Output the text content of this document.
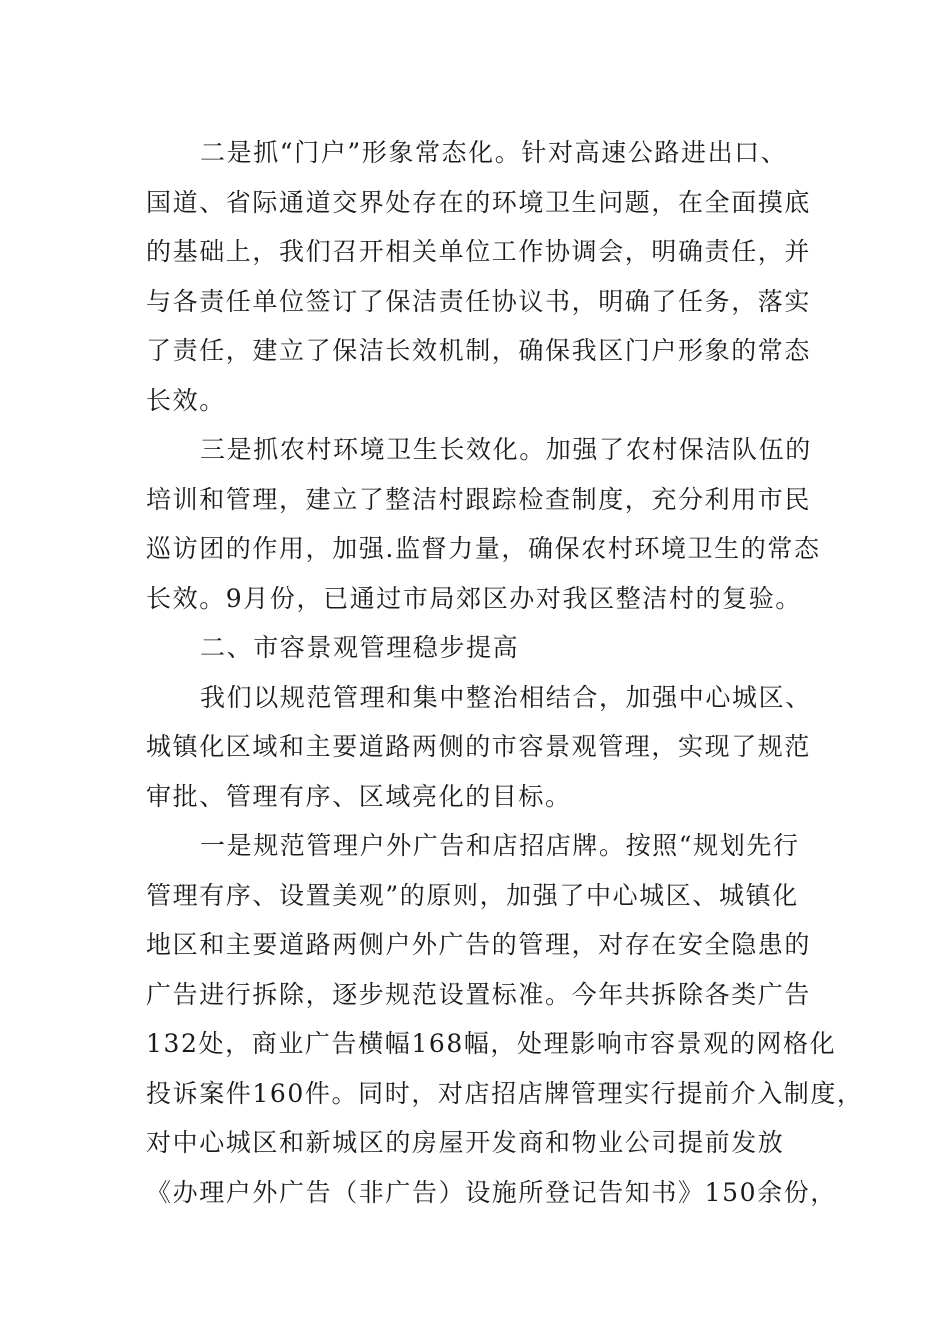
二是抓“门户”形象常态化。针对高速公路进出口、
国道、省际通道交界处存在的环境卫生问题，在全面摸底
的基础上，我们召开相关单位工作协调会，明确责任，并
与各责任单位签订了保洁责任协议书，明确了任务，落实
了责任，建立了保洁长效机制，确保我区门户形象的常态
长效。
三是抓农村环境卫生长效化。加强了农村保洁队伍的
培训和管理，建立了整洁村跟踪检查制度，充分利用市民
巡访团的作用，加强.监督力量，确保农村环境卫生的常态
长效。9月份，已通过市局郊区办对我区整洁村的复验。
二、市容景观管理稳步提高
我们以规范管理和集中整治相结合，加强中心城区、
城镇化区域和主要道路两侧的市容景观管理，实现了规范
审批、管理有序、区域亮化的目标。
一是规范管理户外广告和店招店牌。按照“规划先行
管理有序、设置美观”的原则，加强了中心城区、城镇化
地区和主要道路两侧户外广告的管理，对存在安全隐患的
广告进行拆除，逐步规范设置标准。今年共拆除各类广告
132处，商业广告横幅168幅，处理影响市容景观的网格化
投诉案件160件。同时，对店招店牌管理实行提前介入制度，
对中心城区和新城区的房屋开发商和物业公司提前发放
《办理户外广告（非广告）设施所登记告知书》150余份，
